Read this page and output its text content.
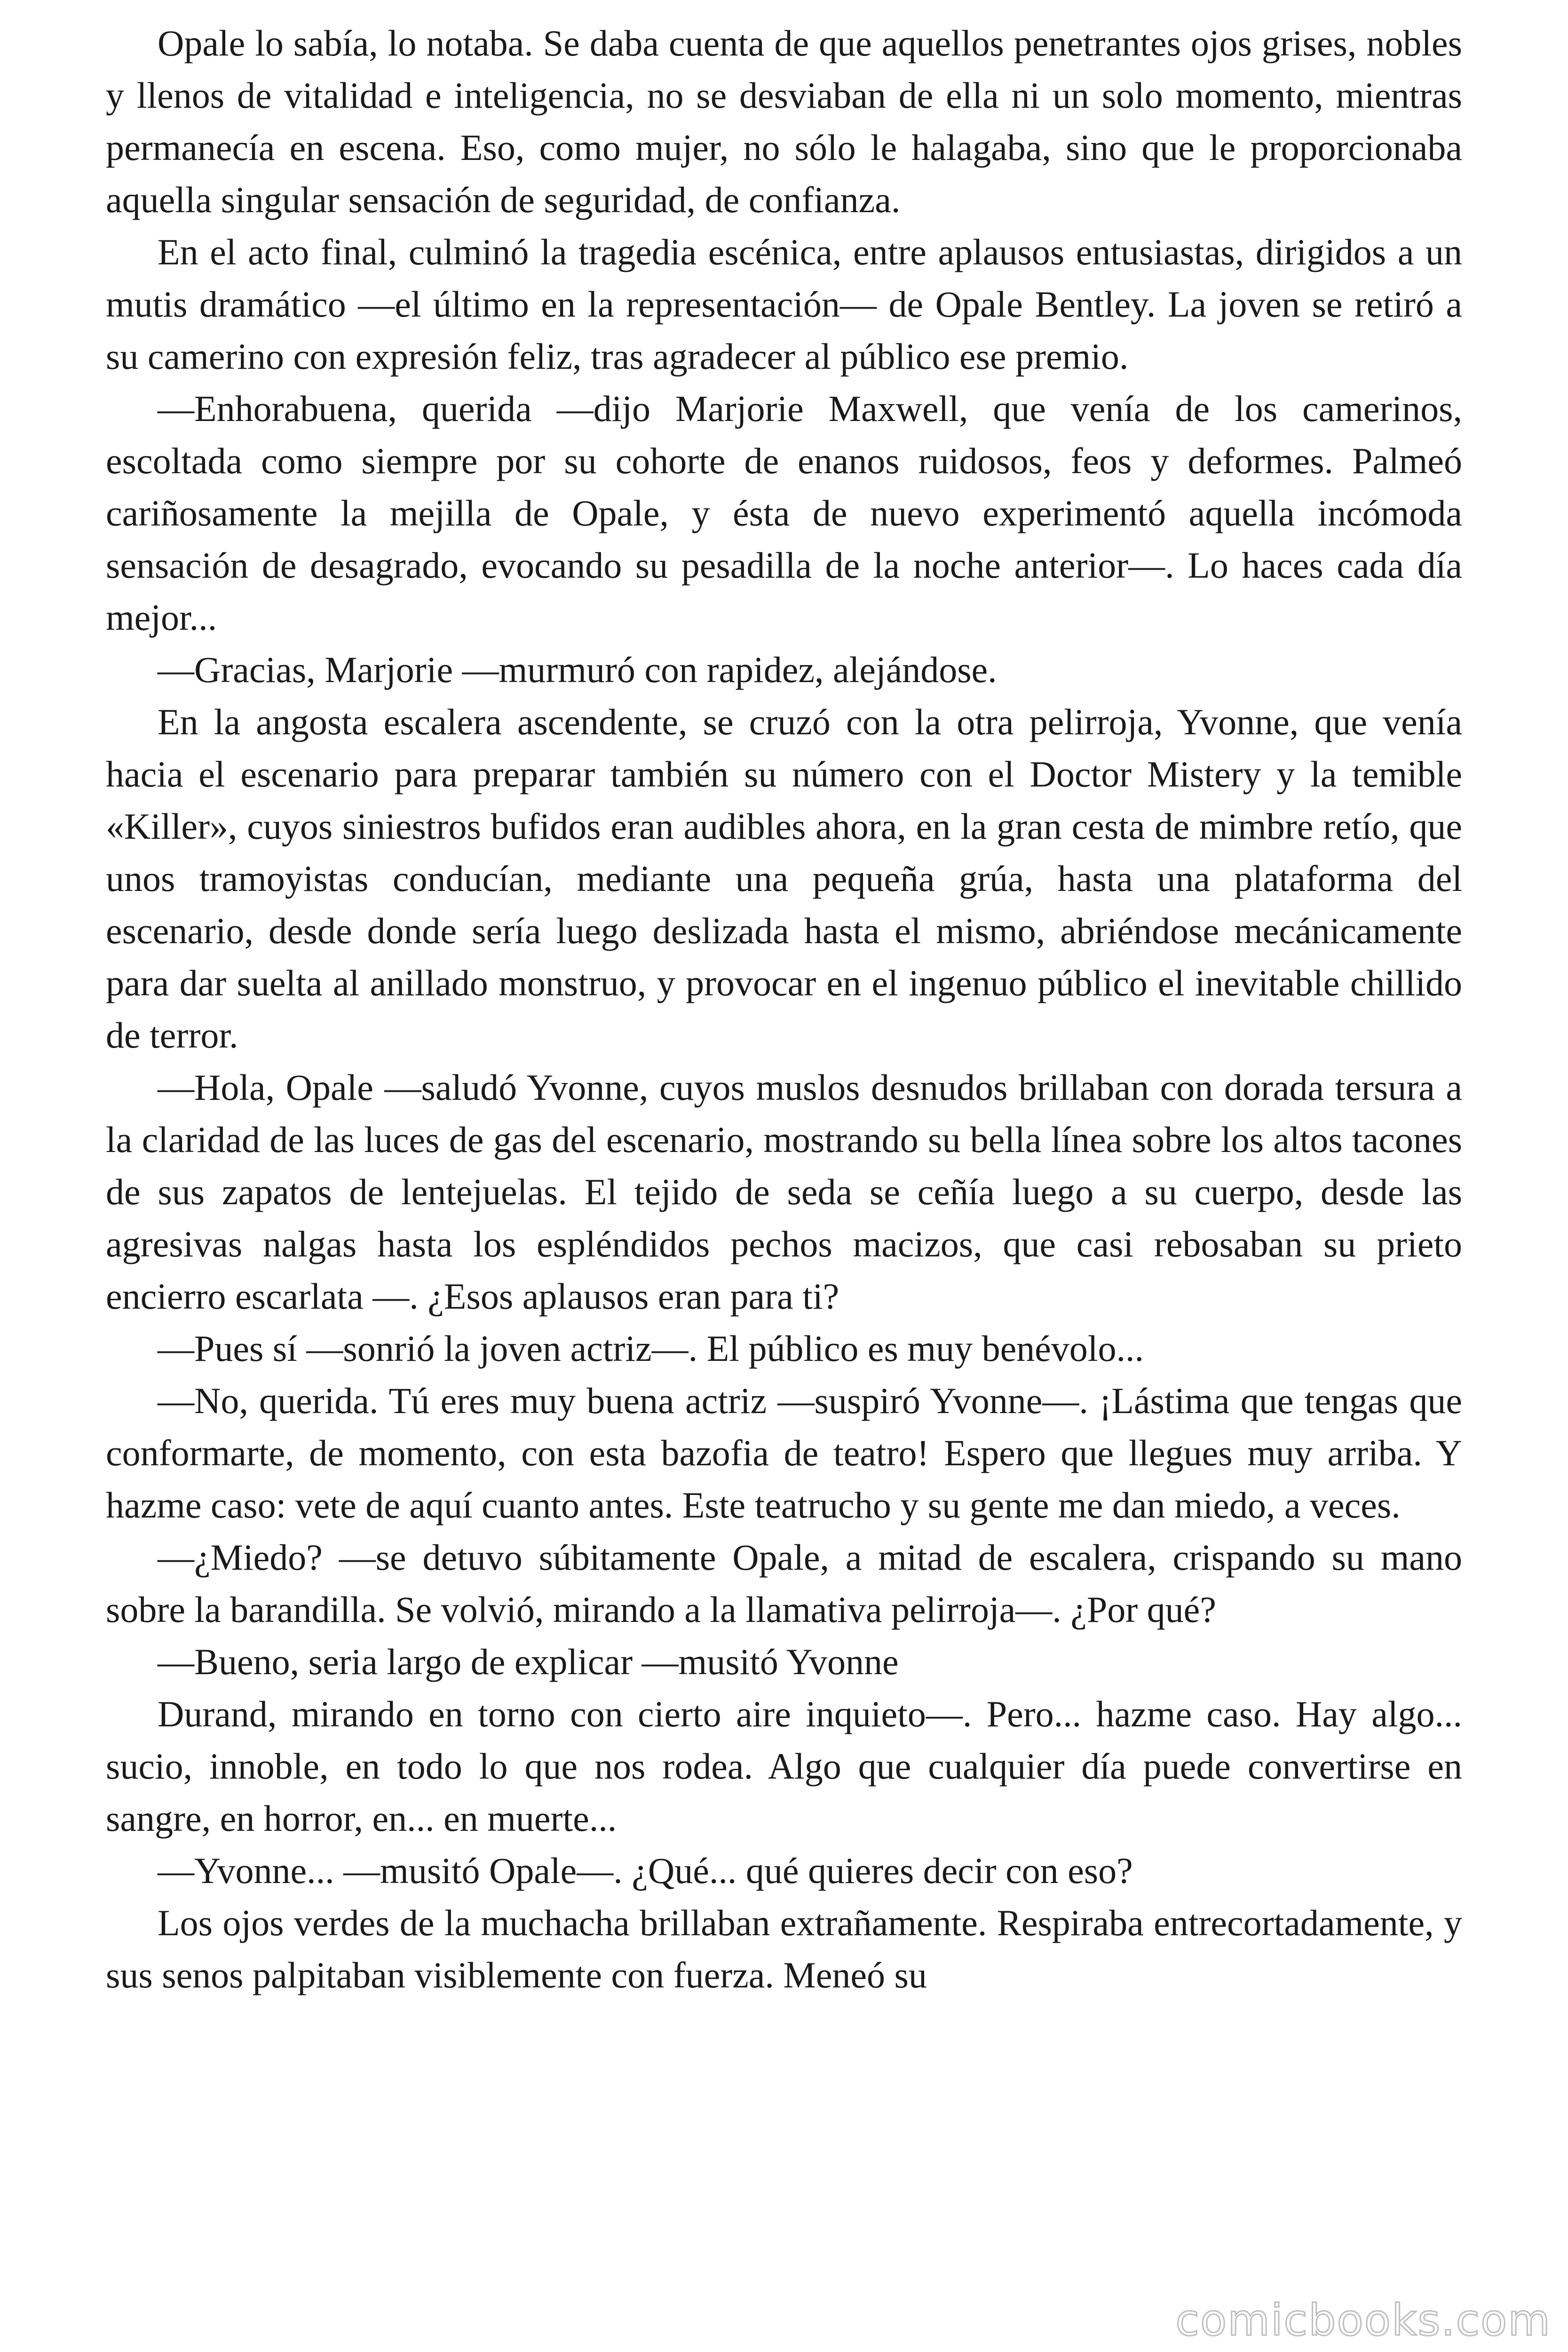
Opale lo sabía, lo notaba. Se daba cuenta de que aquellos penetrantes ojos grises, nobles y llenos de vitalidad e inteligencia, no se desviaban de ella ni un solo momento, mientras permanecía en escena. Eso, como mujer, no sólo le halagaba, sino que le proporcionaba aquella singular sensación de seguridad, de confianza.

En el acto final, culminó la tragedia escénica, entre aplausos entusiastas, dirigidos a un mutis dramático —el último en la representación— de Opale Bentley. La joven se retiró a su camerino con expresión feliz, tras agradecer al público ese premio.

—Enhorabuena, querida —dijo Marjorie Maxwell, que venía de los camerinos, escoltada como siempre por su cohorte de enanos ruidosos, feos y deformes. Palmeó cariñosamente la mejilla de Opale, y ésta de nuevo experimentó aquella incómoda sensación de desagrado, evocando su pesadilla de la noche anterior—. Lo haces cada día mejor...

—Gracias, Marjorie —murmuró con rapidez, alejándose.

En la angosta escalera ascendente, se cruzó con la otra pelirroja, Yvonne, que venía hacia el escenario para preparar también su número con el Doctor Mistery y la temible «Killer», cuyos siniestros bufidos eran audibles ahora, en la gran cesta de mimbre retío, que unos tramoyistas conducían, mediante una pequeña grúa, hasta una plataforma del escenario, desde donde sería luego deslizada hasta el mismo, abriéndose mecánicamente para dar suelta al anillado monstruo, y provocar en el ingenuo público el inevitable chillido de terror.

—Hola, Opale —saludó Yvonne, cuyos muslos desnudos brillaban con dorada tersura a la claridad de las luces de gas del escenario, mostrando su bella línea sobre los altos tacones de sus zapatos de lentejuelas. El tejido de seda se ceñía luego a su cuerpo, desde las agresivas nalgas hasta los espléndidos pechos macizos, que casi rebosaban su prieto encierro escarlata —. ¿Esos aplausos eran para ti?

—Pues sí —sonrió la joven actriz—. El público es muy benévolo...

—No, querida. Tú eres muy buena actriz —suspiró Yvonne—. ¡Lástima que tengas que conformarte, de momento, con esta bazofia de teatro! Espero que llegues muy arriba. Y hazme caso: vete de aquí cuanto antes. Este teatrucho y su gente me dan miedo, a veces.

—¿Miedo? —se detuvo súbitamente Opale, a mitad de escalera, crispando su mano sobre la barandilla. Se volvió, mirando a la llamativa pelirroja—. ¿Por qué?

—Bueno, seria largo de explicar —musitó Yvonne

Durand, mirando en torno con cierto aire inquieto—. Pero... hazme caso. Hay algo... sucio, innoble, en todo lo que nos rodea. Algo que cualquier día puede convertirse en sangre, en horror, en... en muerte...

—Yvonne... —musitó Opale—. ¿Qué... qué quieres decir con eso?

Los ojos verdes de la muchacha brillaban extrañamente. Respiraba entrecortadamente, y sus senos palpitaban visiblemente con fuerza. Meneó su

comicbooks.com
